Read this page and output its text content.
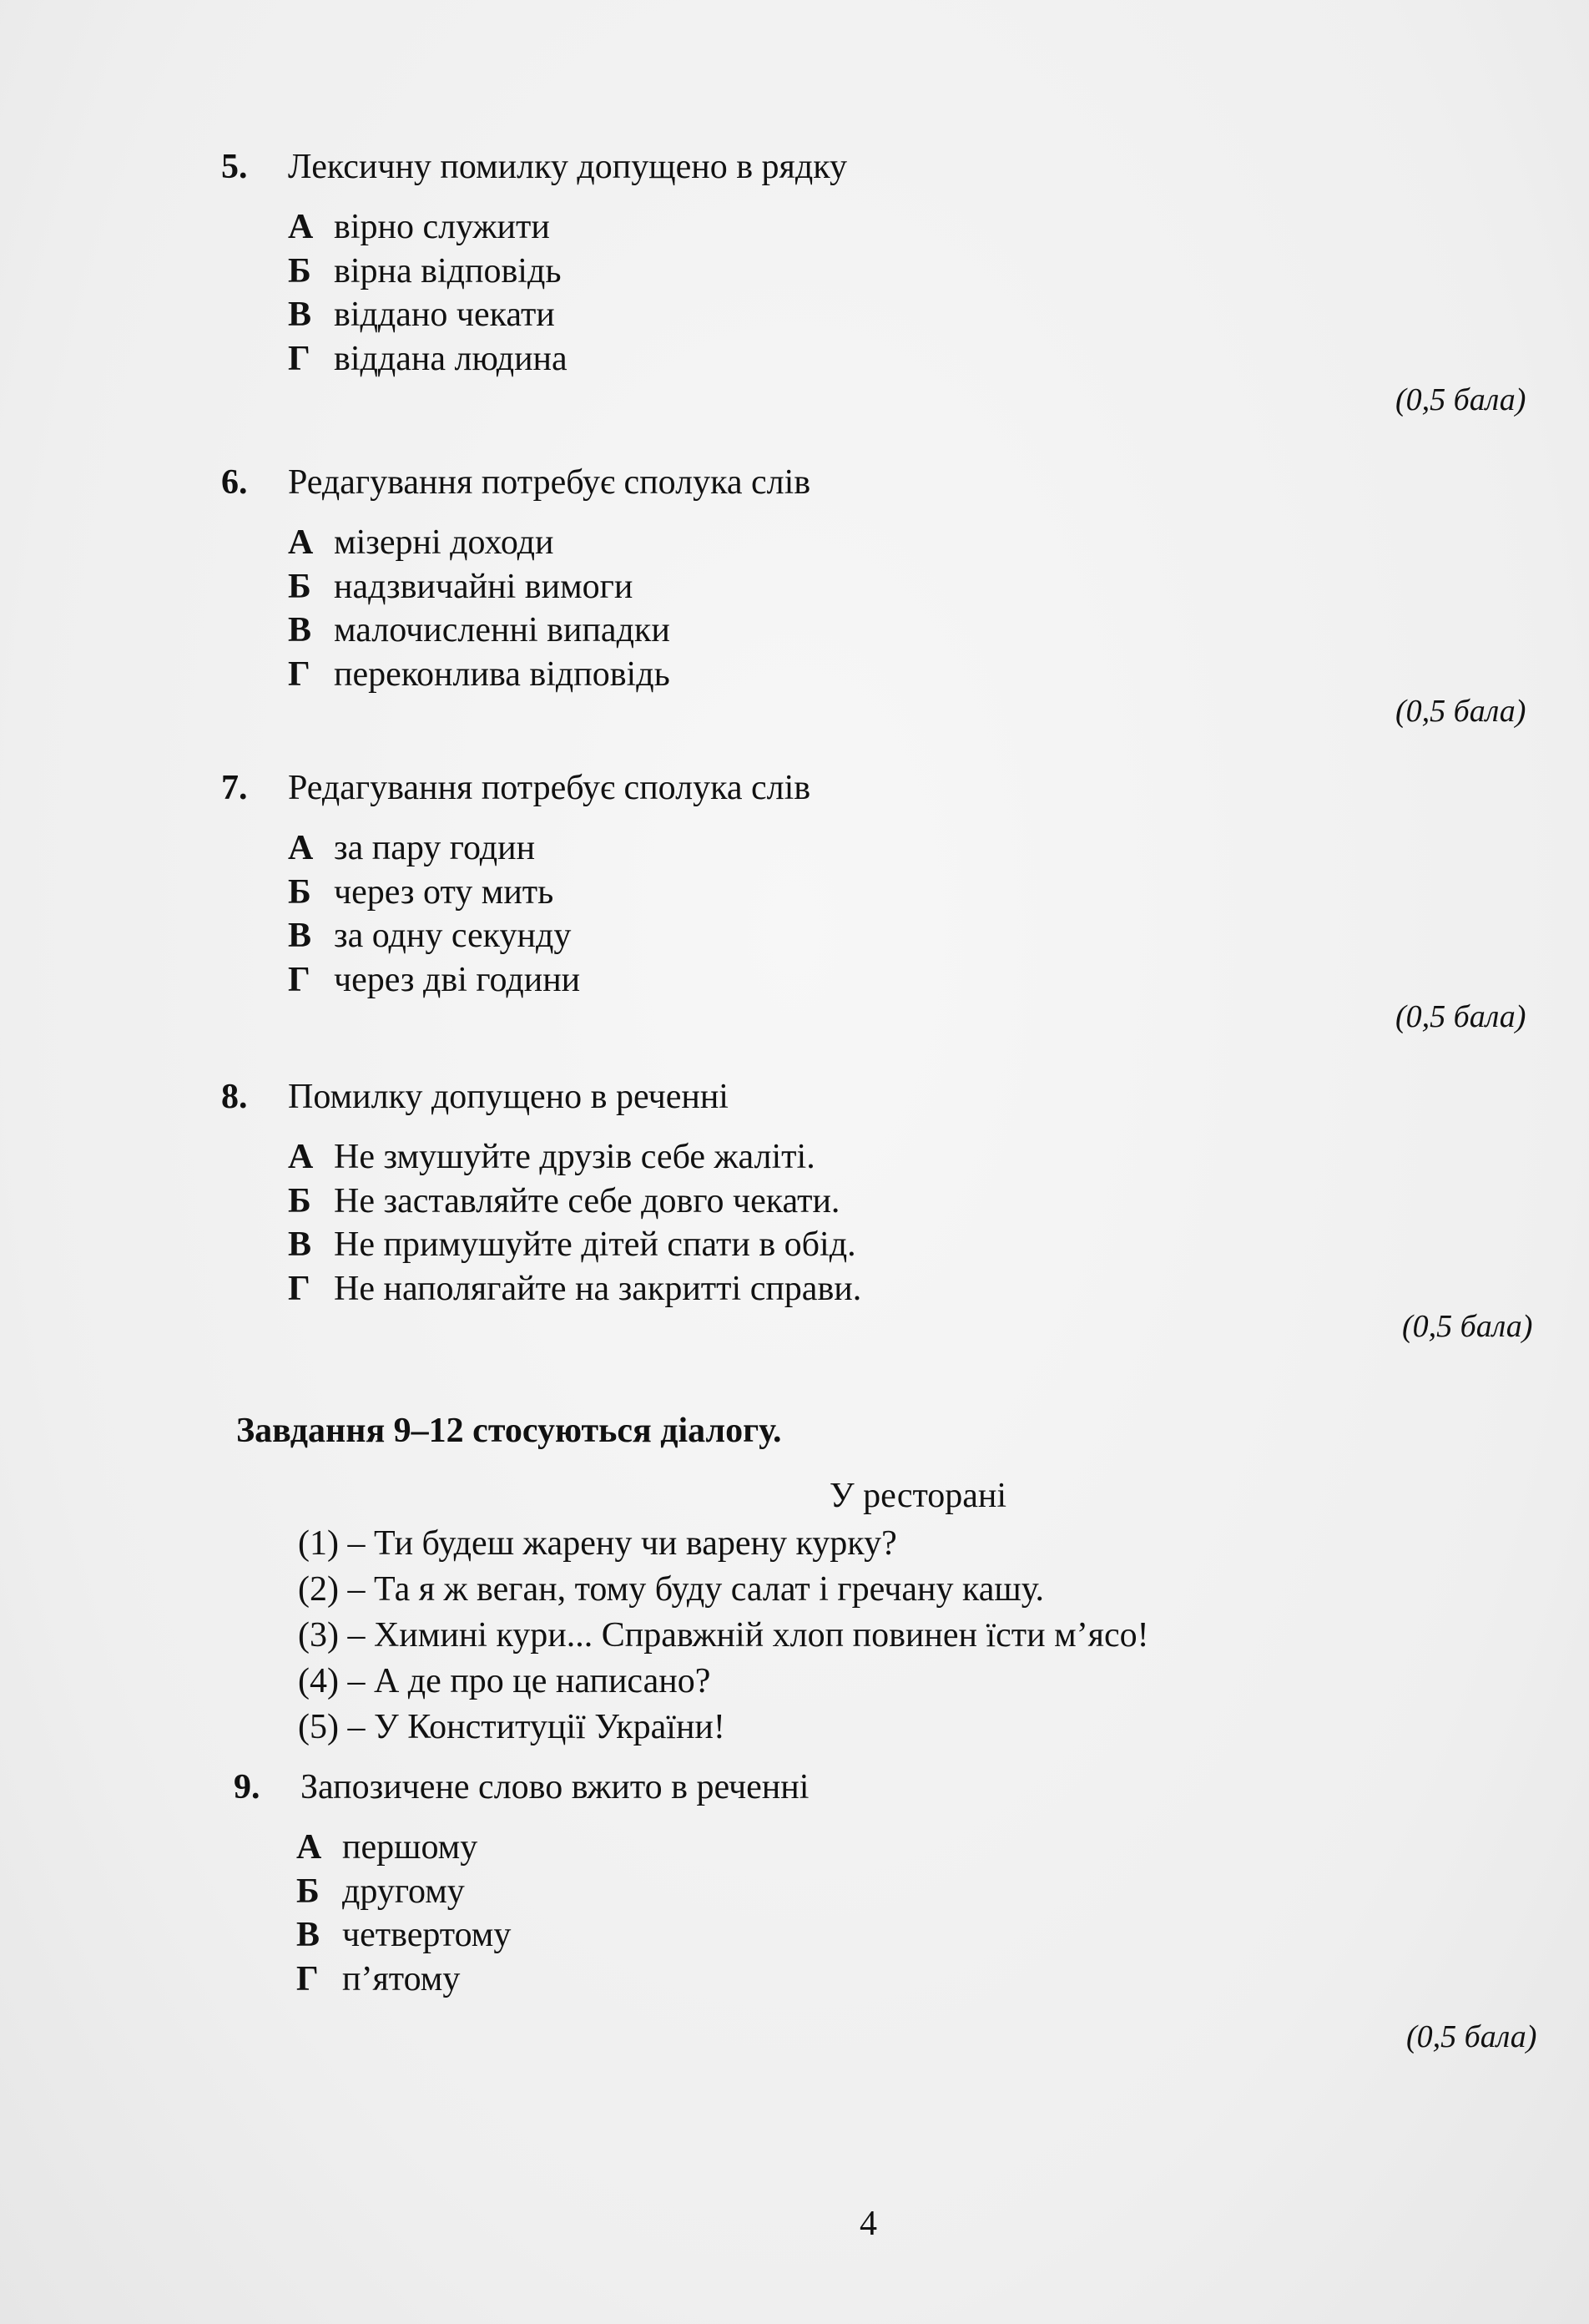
5. Лексичну помилку допущено в рядку
А вірно служити
Б вірна відповідь
В віддано чекати
Г віддана людина
(0,5 бала)
6. Редагування потребує сполука слів
А мізерні доходи
Б надзвичайні вимоги
В малочисленні випадки
Г переконлива відповідь
(0,5 бала)
7. Редагування потребує сполука слів
А за пару годин
Б через оту мить
В за одну секунду
Г через дві години
(0,5 бала)
8. Помилку допущено в реченні
А Не змушуйте друзів себе жаліті.
Б Не заставляйте себе довго чекати.
В Не примушуйте дітей спати в обід.
Г Не наполягайте на закритті справи.
(0,5 бала)
Завдання 9–12 стосуються діалогу.
У ресторані
(1) – Ти будеш жарену чи варену курку?
(2) – Та я ж веган, тому буду салат і гречану кашу.
(3) – Химині кури... Справжній хлоп повинен їсти м’ясо!
(4) – А де про це написано?
(5) – У Конституції України!
9. Запозичене слово вжито в реченні
А першому
Б другому
В четвертому
Г п’ятому
(0,5 бала)
4
